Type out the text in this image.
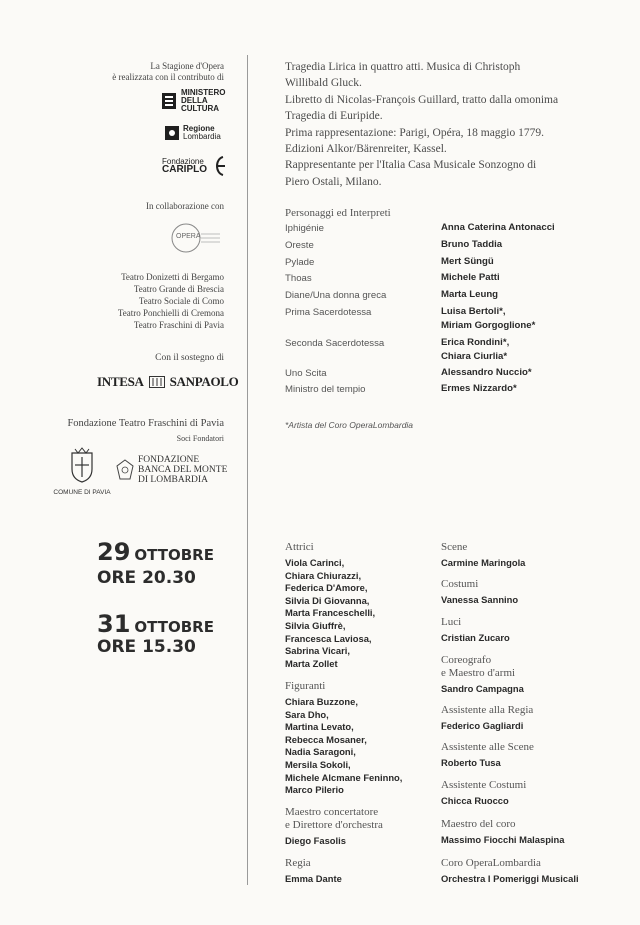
La Stagione d'Opera
è realizzata con il contributo di
MINISTERO
DELLA
CULTURA
Regione
Lombardia
Fondazione
CARIPLO
In collaborazione con
OPERA
Teatro Donizetti di Bergamo
Teatro Grande di Brescia
Teatro Sociale di Como
Teatro Ponchielli di Cremona
Teatro Fraschini di Pavia
Con il sostegno di
INTESA SANPAOLO
Fondazione Teatro Fraschini di Pavia
Soci Fondatori
COMUNE DI PAVIA
FONDAZIONE
BANCA DEL MONTE
DI LOMBARDIA
29 OTTOBRE
ORE 20.30
31 OTTOBRE
ORE 15.30
Tragedia Lirica in quattro atti. Musica di Christoph
Willibald Gluck.
Libretto di Nicolas-François Guillard, tratto dalla omonima
Tragedia di Euripide.
Prima rappresentazione: Parigi, Opéra, 18 maggio 1779.
Edizioni Alkor/Bärenreiter, Kassel.
Rappresentante per l'Italia Casa Musicale Sonzogno di
Piero Ostali, Milano.
Personaggi ed Interpreti
Iphigénie	Anna Caterina Antonacci
Oreste	Bruno Taddia
Pylade	Mert Süngü
Thoas	Michele Patti
Diane/Una donna greca	Marta Leung
Prima Sacerdotessa	Luisa Bertoli*,
Miriam Gorgoglione*
Seconda Sacerdotessa	Erica Rondini*,
Chiara Ciurlia*
Uno Scita	Alessandro Nuccio*
Ministro del tempio	Ermes Nizzardo*
*Artista del Coro OperaLombardia
Attrici
Viola Carinci,
Chiara Chiurazzi,
Federica D'Amore,
Silvia Di Giovanna,
Marta Franceschelli,
Silvia Giuffrè,
Francesca Laviosa,
Sabrina Vicari,
Marta Zollet
Figuranti
Chiara Buzzone,
Sara Dho,
Martina Levato,
Rebecca Mosaner,
Nadia Saragoni,
Mersila Sokoli,
Michele Alcmane Feninno,
Marco Pilerio
Maestro concertatore
e Direttore d'orchestra
Diego Fasolis
Regia
Emma Dante
Scene
Carmine Maringola
Costumi
Vanessa Sannino
Luci
Cristian Zucaro
Coreografo
e Maestro d'armi
Sandro Campagna
Assistente alla Regia
Federico Gagliardi
Assistente alle Scene
Roberto Tusa
Assistente Costumi
Chicca Ruocco
Maestro del coro
Massimo Fiocchi Malaspina
Coro OperaLombardia
Orchestra I Pomeriggi Musicali
